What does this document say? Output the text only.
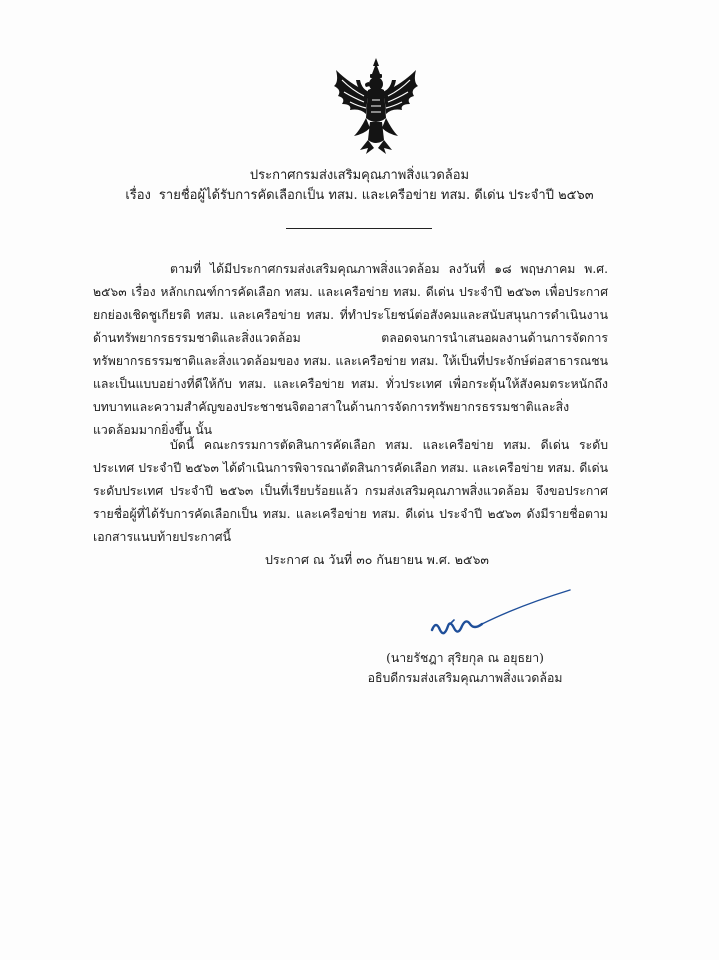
ประกาศกรมส่งเสริมคุณภาพสิ่งแวดล้อม
เรื่อง รายชื่อผู้ได้รับการคัดเลือกเป็น ทสม. และเครือข่าย ทสม. ดีเด่น ประจำปี ๒๕๖๓

ตามที่ ได้มีประกาศกรมส่งเสริมคุณภาพสิ่งแวดล้อม ลงวันที่ ๑๘ พฤษภาคม พ.ศ. ๒๕๖๓ เรื่อง หลักเกณฑ์การคัดเลือก ทสม. และเครือข่าย ทสม. ดีเด่น ประจำปี ๒๕๖๓ เพื่อประกาศยกย่องเชิดชูเกียรติ ทสม. และเครือข่าย ทสม. ที่ทำประโยชน์ต่อสังคมและสนับสนุนการดำเนินงานด้านทรัพยากรธรรมชาติและสิ่งแวดล้อม ตลอดจนการนำเสนอผลงานด้านการจัดการทรัพยากรธรรมชาติและสิ่งแวดล้อมของ ทสม. และเครือข่าย ทสม. ให้เป็นที่ประจักษ์ต่อสาธารณชน และเป็นแบบอย่างที่ดีให้กับ ทสม. และเครือข่าย ทสม. ทั่วประเทศ เพื่อกระตุ้นให้สังคมตระหนักถึงบทบาทและความสำคัญของประชาชนจิตอาสาในด้านการจัดการทรัพยากรธรรมชาติและสิ่งแวดล้อมมากยิ่งขึ้น นั้น

บัดนี้ คณะกรรมการตัดสินการคัดเลือก ทสม. และเครือข่าย ทสม. ดีเด่น ระดับประเทศ ประจำปี ๒๕๖๓ ได้ดำเนินการพิจารณาตัดสินการคัดเลือก ทสม. และเครือข่าย ทสม. ดีเด่น ระดับประเทศ ประจำปี ๒๕๖๓ เป็นที่เรียบร้อยแล้ว กรมส่งเสริมคุณภาพสิ่งแวดล้อม จึงขอประกาศรายชื่อผู้ที่ได้รับการคัดเลือกเป็น ทสม. และเครือข่าย ทสม. ดีเด่น ประจำปี ๒๕๖๓ ดังมีรายชื่อตามเอกสารแนบท้ายประกาศนี้

ประกาศ ณ วันที่ ๓๐ กันยายน พ.ศ. ๒๕๖๓
(นายรัชฎา สุริยกุล ณ อยุธยา)
อธิบดีกรมส่งเสริมคุณภาพสิ่งแวดล้อม
